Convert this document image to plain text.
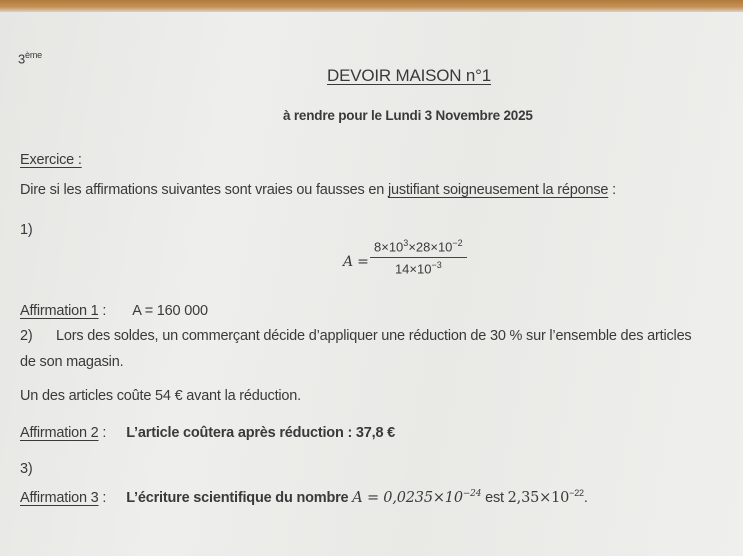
3ème
DEVOIR MAISON n°1
à rendre pour le Lundi 3 Novembre 2025
Exercice :
Dire si les affirmations suivantes sont vraies ou fausses en justifiant soigneusement la réponse :
1)
$A = \frac{8\times 10^3\times 28\times 10^{-2}}{14\times 10^{-3}}$
Affirmation 1 : A = 160 000
2) Lors des soldes, un commerçant décide d’appliquer une réduction de 30 % sur l’ensemble des articles
de son magasin.
Un des articles coûte 54 € avant la réduction.
Affirmation 2 : L’article coûtera après réduction : 37,8 €
3)
Affirmation 3 : L’écriture scientifique du nombre $A = 0,0235\times 10^{-24}$ est $2,35\times 10^{-22}$.
